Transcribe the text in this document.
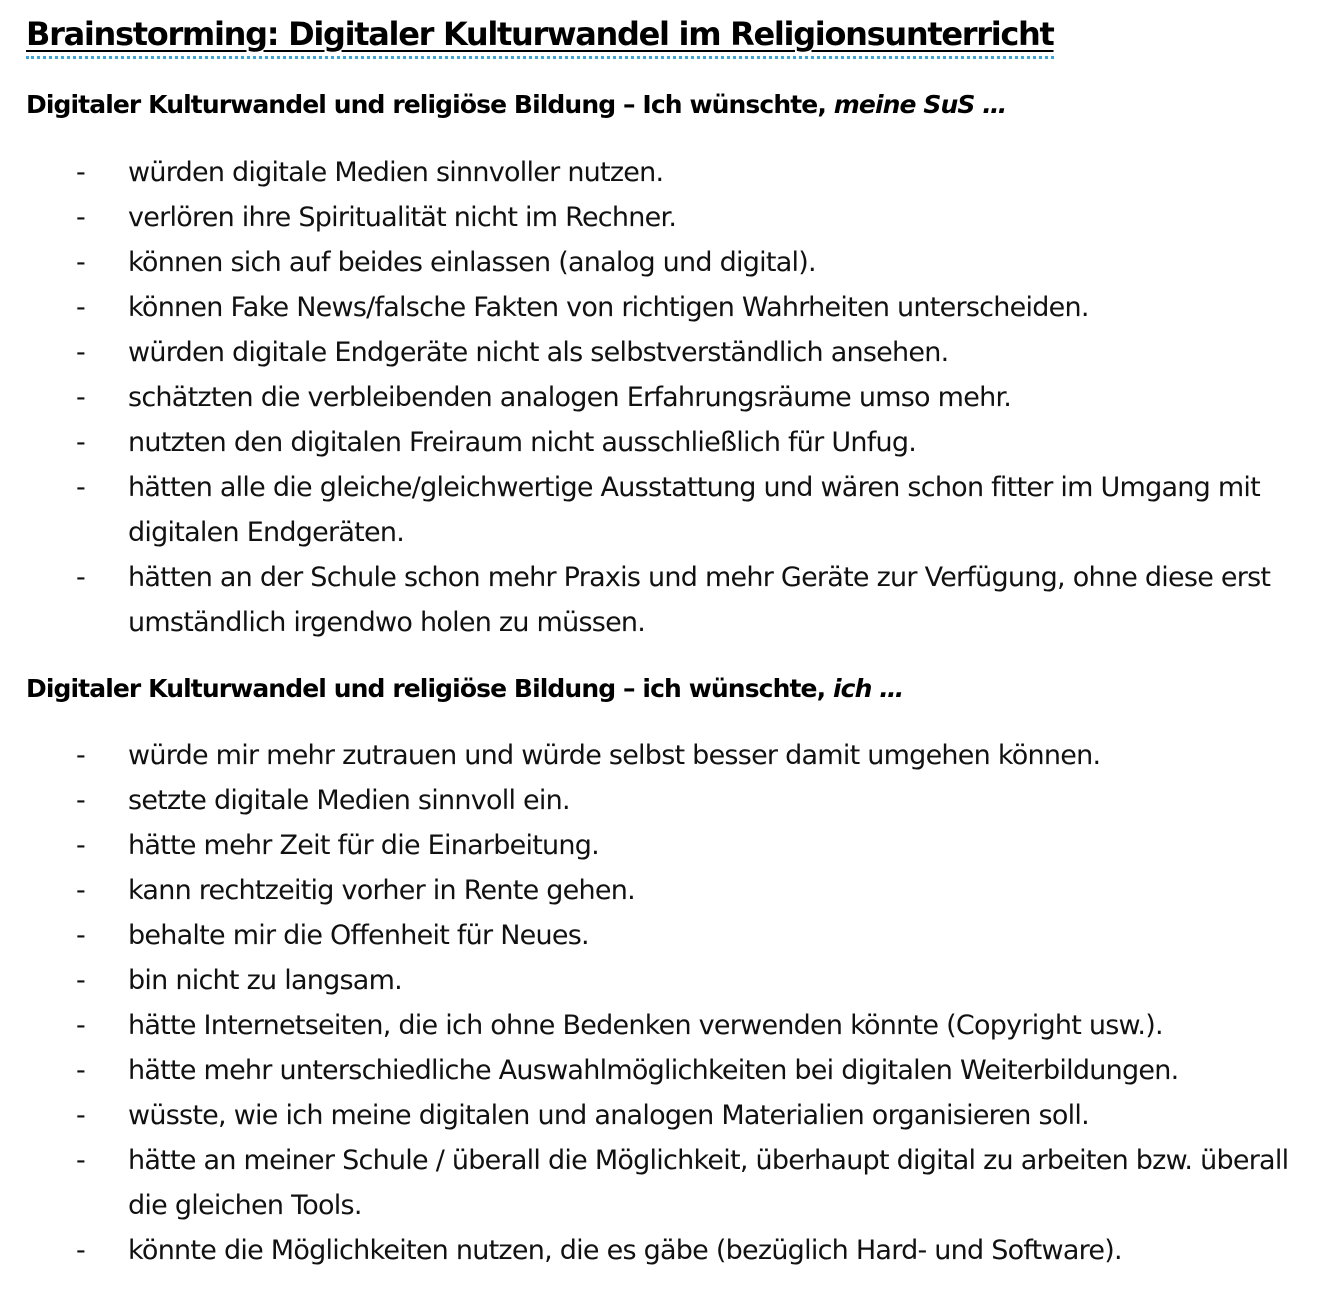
Brainstorming: Digitaler Kulturwandel im Religionsunterricht
Digitaler Kulturwandel und religiöse Bildung – Ich wünschte, meine SuS …
-	würden digitale Medien sinnvoller nutzen.
-	verlören ihre Spiritualität nicht im Rechner.
-	können sich auf beides einlassen (analog und digital).
-	können Fake News/falsche Fakten von richtigen Wahrheiten unterscheiden.
-	würden digitale Endgeräte nicht als selbstverständlich ansehen.
-	schätzten die verbleibenden analogen Erfahrungsräume umso mehr.
-	nutzten den digitalen Freiraum nicht ausschließlich für Unfug.
-	hätten alle die gleiche/gleichwertige Ausstattung und wären schon fitter im Umgang mit digitalen Endgeräten.
-	hätten an der Schule schon mehr Praxis und mehr Geräte zur Verfügung, ohne diese erst umständlich irgendwo holen zu müssen.
Digitaler Kulturwandel und religiöse Bildung – ich wünschte, ich …
-	würde mir mehr zutrauen und würde selbst besser damit umgehen können.
-	setzte digitale Medien sinnvoll ein.
-	hätte mehr Zeit für die Einarbeitung.
-	kann rechtzeitig vorher in Rente gehen.
-	behalte mir die Offenheit für Neues.
-	bin nicht zu langsam.
-	hätte Internetseiten, die ich ohne Bedenken verwenden könnte (Copyright usw.).
-	hätte mehr unterschiedliche Auswahlmöglichkeiten bei digitalen Weiterbildungen.
-	wüsste, wie ich meine digitalen und analogen Materialien organisieren soll.
-	hätte an meiner Schule / überall die Möglichkeit, überhaupt digital zu arbeiten bzw. überall die gleichen Tools.
-	könnte die Möglichkeiten nutzen, die es gäbe (bezüglich Hard- und Software).
